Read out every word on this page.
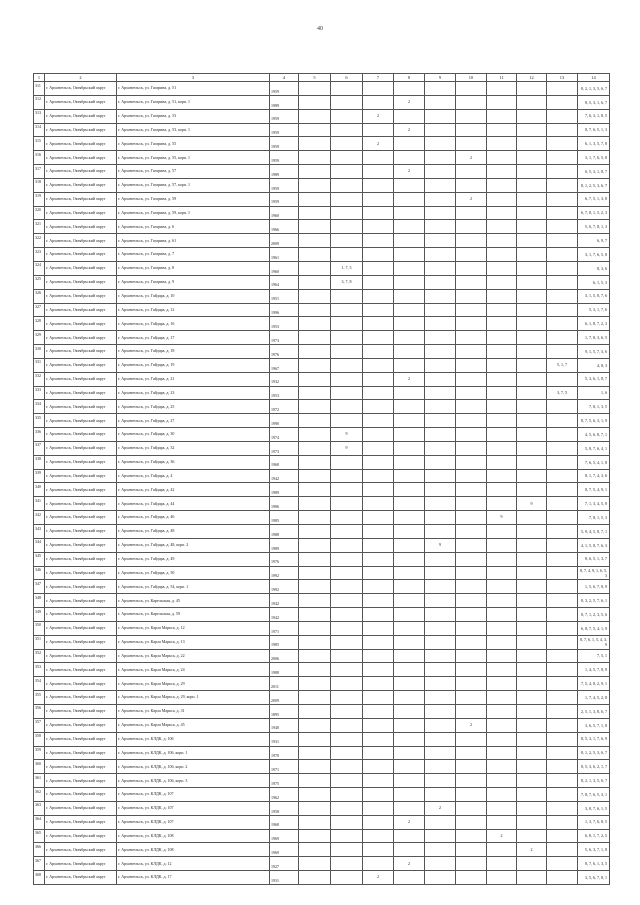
40
1	2	3	4	5	6	7	8	9	10	11	12	13	14
311	г. Архангельск, Октябрьский округ	г. Архангельск, ул. Гагарина, д. 51	1959										8, 2, 1, 3, 5, 6, 7
312	г. Архангельск, Октябрьский округ	г. Архангельск, ул. Гагарина, д. 51, корп. 1	1989				2						8, 5, 3, 1, 6, 7
313	г. Архангельск, Октябрьский округ	г. Архангельск, ул. Гагарина, д. 53	1959			2							7, 6, 3, 1, 8, 5
314	г. Архангельск, Октябрьский округ	г. Архангельск, ул. Гагарина, д. 53, корп. 1	1959				2						8, 7, 6, 5, 1, 3
315	г. Архангельск, Октябрьский округ	г. Архангельск, ул. Гагарина, д. 55	1959			2							6, 1, 3, 5, 7, 8
316	г. Архангельск, Октябрьский округ	г. Архангельск, ул. Гагарина, д. 55, корп. 1	1959						2				3, 1, 7, 6, 5, 8
317	г. Архангельск, Октябрьский округ	г. Архангельск, ул. Гагарина, д. 57	1989				2						6, 5, 3, 1, 8, 7
318	г. Архангельск, Октябрьский округ	г. Архангельск, ул. Гагарина, д. 57, корп. 1	1959										8, 1, 2, 5, 3, 6, 7
319	г. Архангельск, Октябрьский округ	г. Архангельск, ул. Гагарина, д. 59	1959						2				6, 7, 5, 1, 3, 8
320	г. Архангельск, Октябрьский округ	г. Архангельск, ул. Гагарина, д. 59, корп. 1	1960										6, 7, 8, 1, 5, 2, 3
321	г. Архангельск, Октябрьский округ	г. Архангельск, ул. Гагарина, д. 6	1966										5, 6, 7, 8, 1, 3
322	г. Архангельск, Октябрьский округ	г. Архангельск, ул. Гагарина, д. 61	2009										6, 9, 7
323	г. Архангельск, Октябрьский округ	г. Архангельск, ул. Гагарина, д. 7	1961										3, 1, 7, 6, 5, 8
324	г. Архангельск, Октябрьский округ	г. Архангельск, ул. Гагарина, д. 8	1960		1, 7, 5								8, 3, 6
325	г. Архангельск, Октябрьский округ	г. Архангельск, ул. Гагарина, д. 9	1964		3, 7, 8								6, 1, 5, 3
326	г. Архангельск, Октябрьский округ	г. Архангельск, ул. Гайдара, д. 10	1951										3, 1, 5, 8, 7, 6
327	г. Архангельск, Октябрьский округ	г. Архангельск, ул. Гайдара, д. 12	1996										5, 3, 1, 7, 6
328	г. Архангельск, Октябрьский округ	г. Архангельск, ул. Гайдара, д. 16	1953										6, 1, 8, 7, 2, 3
329	г. Архангельск, Октябрьский округ	г. Архангельск, ул. Гайдара, д. 17	1973										1, 7, 8, 3, 6, 5
330	г. Архангельск, Октябрьский округ	г. Архангельск, ул. Гайдара, д. 18	1976										9, 1, 5, 7, 3, 6
331	г. Архангельск, Октябрьский округ	г. Архангельск, ул. Гайдара, д. 19	1967									5, 1, 7	4, 8, 3
332	г. Архангельск, Октябрьский округ	г. Архангельск, ул. Гайдара, д. 21	1932				2						5, 3, 6, 1, 8, 7
333	г. Архангельск, Октябрьский округ	г. Архангельск, ул. Гайдара, д. 23	1953									3, 7, 5	1, 6
334	г. Архангельск, Октябрьский округ	г. Архангельск, ул. Гайдара, д. 25	1972										7, 8, 1, 3, 5
335	г. Архангельск, Октябрьский округ	г. Архангельск, ул. Гайдара, д. 27	1990										8, 7, 5, 6, 3, 1, 9
336	г. Архангельск, Октябрьский округ	г. Архангельск, ул. Гайдара, д. 30	1974		9								4, 5, 6, 8, 7, 1
337	г. Архангельск, Октябрьский округ	г. Архангельск, ул. Гайдара, д. 32	1973		9								5, 8, 7, 6, 4, 1
338	г. Архангельск, Октябрьский округ	г. Архангельск, ул. Гайдара, д. 36	1968										7, 6, 5, 4, 1, 8
339	г. Архангельск, Октябрьский округ	г. Архангельск, ул. Гайдара, д. 4	1942										8, 1, 7, 4, 3, 6
340	г. Архангельск, Октябрьский округ	г. Архангельск, ул. Гайдара, д. 42	1989										8, 7, 5, 4, 9, 1
341	г. Архангельск, Октябрьский округ	г. Архангельск, ул. Гайдара, д. 44	1986								9		7, 1, 3, 4, 5, 8
342	г. Архангельск, Октябрьский округ	г. Архангельск, ул. Гайдара, д. 46	1985							9			7, 8, 1, 5, 3
343	г. Архангельск, Октябрьский округ	г. Архангельск, ул. Гайдара, д. 48	1988										5, 9, 4, 5, 8, 7, 1
344	г. Архангельск, Октябрьский округ	г. Архангельск, ул. Гайдара, д. 48, корп. 2	1989					9					4, 1, 5, 8, 7, 6, 3
345	г. Архангельск, Октябрьский округ	г. Архангельск, ул. Гайдара, д. 49	1976										8, 6, 5, 1, 3, 7
346	г. Архангельск, Октябрьский округ	г. Архангельск, ул. Гайдара, д. 50	1992										8, 7, 4, 9, 1, 6, 5, 3
347	г. Архангельск, Октябрьский округ	г. Архангельск, ул. Гайдара, д. 54, корп. 1	1992										1, 5, 6, 7, 8, 9
348	г. Архангельск, Октябрьский округ	г. Архангельск, ул. Карельская, д. 45	1942										8, 3, 2, 5, 7, 6, 1
349	г. Архангельск, Октябрьский округ	г. Архангельск, ул. Карельская, д. 59	1942										8, 7, 1, 2, 3, 5, 6
350	г. Архангельск, Октябрьский округ	г. Архангельск, ул. Карла Маркса, д. 12	1971										6, 8, 7, 5, 4, 1, 9
351	г. Архангельск, Октябрьский округ	г. Архангельск, ул. Карла Маркса, д. 13	1985										8, 7, 6, 1, 5, 4, 3, 9
352	г. Архангельск, Октябрьский округ	г. Архангельск, ул. Карла Маркса, д. 22	2006										7, 5, 1
353	г. Архангельск, Октябрьский округ	г. Архангельск, ул. Карла Маркса, д. 24	1988										1, 4, 5, 7, 8, 9
354	г. Архангельск, Октябрьский округ	г. Архангельск, ул. Карла Маркса, д. 29	2011										7, 5, 4, 8, 2, 9, 1
355	г. Архангельск, Октябрьский округ	г. Архангельск, ул. Карла Маркса, д. 29, корп. 1	2009										1, 7, 4, 5, 2, 8
356	г. Архангельск, Октябрьский округ	г. Архангельск, ул. Карла Маркса, д. 31	1895										2, 5, 1, 3, 8, 6, 7
357	г. Архангельск, Октябрьский округ	г. Архангельск, ул. Карла Маркса, д. 45	1940						2				3, 6, 5, 7, 1, 8
358	г. Архангельск, Октябрьский округ	г. Архангельск, ул. КЛДК, д. 106	1931										8, 5, 3, 1, 7, 6, 9
359	г. Архангельск, Октябрьский округ	г. Архангельск, ул. КЛДК, д. 106, корп. 1	1970										8, 1, 2, 5, 3, 6, 7
360	г. Архангельск, Октябрьский округ	г. Архангельск, ул. КЛДК, д. 106, корп. 2	1971										8, 5, 3, 6, 2, 1, 7
361	г. Архангельск, Октябрьский округ	г. Архангельск, ул. КЛДК, д. 106, корп. 3	1975										8, 2, 1, 3, 5, 6, 7
362	г. Архангельск, Октябрьский округ	г. Архангельск, ул. КЛДК, д. 107	1962										7, 8, 7, 6, 5, 3, 1
363	г. Архангельск, Октябрьский округ	г. Архангельск, ул. КЛДК, д. 107	1958					2					3, 8, 7, 6, 1, 5
364	г. Архангельск, Октябрьский округ	г. Архангельск, ул. КЛДК, д. 107	1968				2						1, 3, 7, 6, 8, 5
365	г. Архангельск, Октябрьский округ	г. Архангельск, ул. КЛДК, д. 108	1969							2			6, 8, 1, 7, 2, 5
366	г. Архангельск, Октябрьский округ	г. Архангельск, ул. КЛДК, д. 108	1969								2		5, 6, 3, 7, 1, 8
367	г. Архангельск, Октябрьский округ	г. Архангельск, ул. КЛДК, д. 12	1927				2						8, 7, 6, 1, 3, 5
368	г. Архангельск, Октябрьский округ	г. Архангельск, ул. КЛДК, д. 17	1931			2							3, 5, 6, 7, 8, 1
